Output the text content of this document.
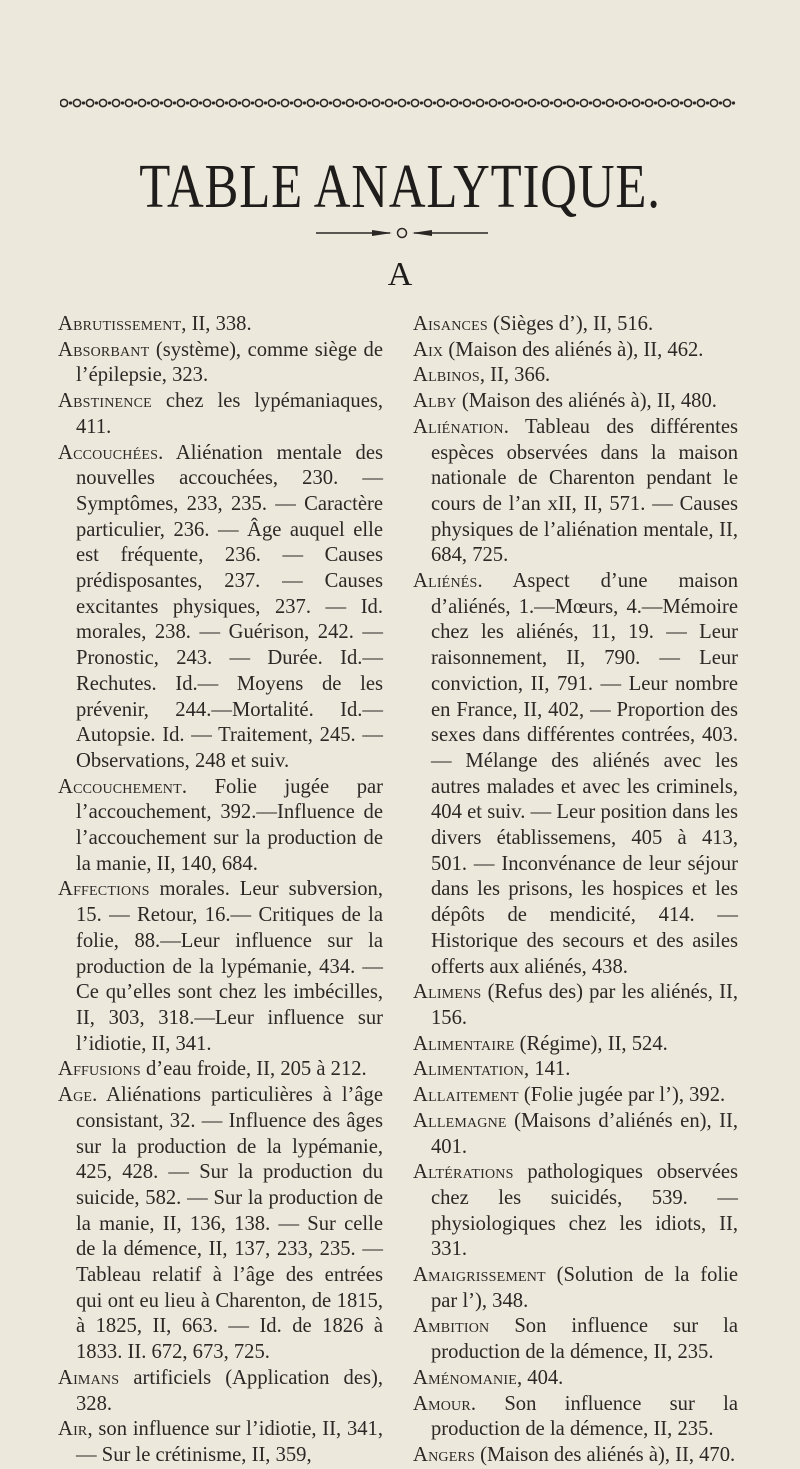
TABLE ANALYTIQUE.
A

Abrutissement, II, 338.

Absorbant (système), comme siège de l’épilepsie, 323.

Abstinence chez les lypémaniaques, 411.

Accouchées. Aliénation mentale des nouvelles accouchées, 230. — Symptômes, 233, 235. — Caractère particulier, 236. — Âge auquel elle est fréquente, 236. — Causes prédisposantes, 237. — Causes excitantes physiques, 237. — Id. morales, 238. — Guérison, 242. — Pronostic, 243. — Durée. Id.— Rechutes. Id.— Moyens de les prévenir, 244.—Mortalité. Id.— Autopsie. Id. — Traitement, 245. — Observations, 248 et suiv.

Accouchement. Folie jugée par l’accouchement, 392.—Influence de l’accouchement sur la production de la manie, II, 140, 684.

Affections morales. Leur subversion, 15. — Retour, 16.— Critiques de la folie, 88.—Leur influence sur la production de la lypémanie, 434. — Ce qu’elles sont chez les imbécilles, II, 303, 318.—Leur influence sur l’idiotie, II, 341.

Affusions d’eau froide, II, 205 à 212.

Age. Aliénations particulières à l’âge consistant, 32. — Influence des âges sur la production de la lypémanie, 425, 428. — Sur la production du suicide, 582. — Sur la production de la manie, II, 136, 138. — Sur celle de la démence, II, 137, 233, 235. — Tableau relatif à l’âge des entrées qui ont eu lieu à Charenton, de 1815, à 1825, II, 663. — Id. de 1826 à 1833. II. 672, 673, 725.

Aimans artificiels (Application des), 328.

Air, son influence sur l’idiotie, II, 341, — Sur le crétinisme, II, 359,

Aisances (Sièges d’), II, 516.

Aix (Maison des aliénés à), II, 462.

Albinos, II, 366.

Alby (Maison des aliénés à), II, 480.

Aliénation. Tableau des différentes espèces observées dans la maison nationale de Charenton pendant le cours de l’an xII, II, 571. — Causes physiques de l’aliénation mentale, II, 684, 725.

Aliénés. Aspect d’une maison d’aliénés, 1.—Mœurs, 4.—Mémoire chez les aliénés, 11, 19. — Leur raisonnement, II, 790. — Leur conviction, II, 791. — Leur nombre en France, II, 402, — Proportion des sexes dans différentes contrées, 403. — Mélange des aliénés avec les autres malades et avec les criminels, 404 et suiv. — Leur position dans les divers établissemens, 405 à 413, 501. — Inconvénance de leur séjour dans les prisons, les hospices et les dépôts de mendicité, 414. — Historique des secours et des asiles offerts aux aliénés, 438.

Alimens (Refus des) par les aliénés, II, 156.

Alimentaire (Régime), II, 524.

Alimentation, 141.

Allaitement (Folie jugée par l’), 392.

Allemagne (Maisons d’aliénés en), II, 401.

Altérations pathologiques observées chez les suicidés, 539. — physiologiques chez les idiots, II, 331.

Amaigrissement (Solution de la folie par l’), 348.

Ambition Son influence sur la production de la démence, II, 235.

Aménomanie, 404.

Amour. Son influence sur la production de la démence, II, 235.

Angers (Maison des aliénés à), II, 470.
